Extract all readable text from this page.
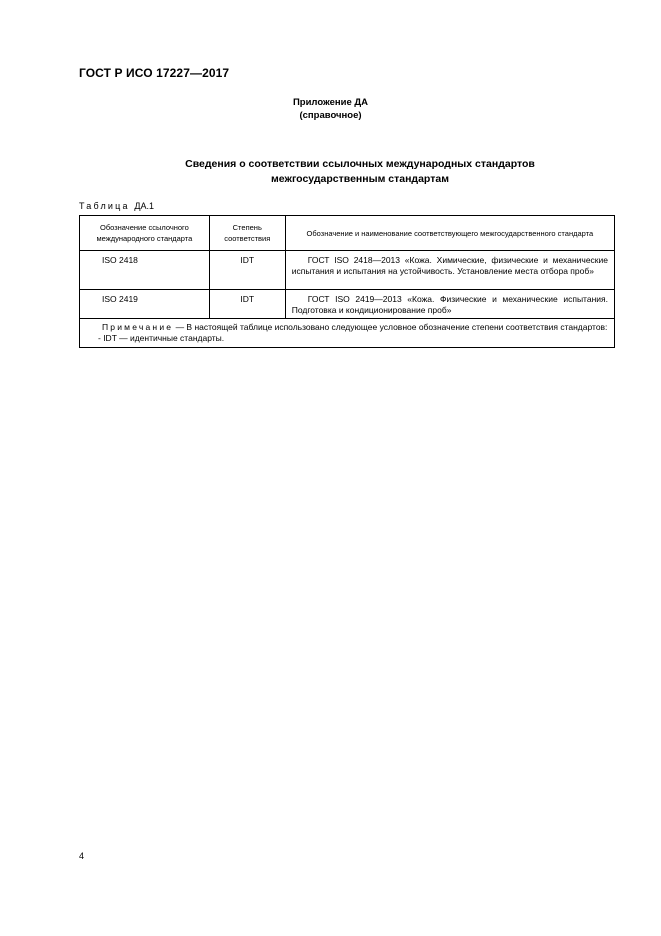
ГОСТ Р ИСО 17227—2017
Приложение ДА
(справочное)
Сведения о соответствии ссылочных международных стандартов
межгосударственным стандартам
Таблица ДА.1
Обозначение ссылочного международного стандарта	Степень соответствия	Обозначение и наименование соответствующего межгосударственного стандарта
ISO 2418	IDT	ГОСТ ISO 2418—2013 «Кожа. Химические, физические и механические испытания и испытания на устойчивость. Установление места отбора проб»
ISO 2419	IDT	ГОСТ ISO 2419—2013 «Кожа. Физические и механические испытания. Подготовка и кондиционирование проб»

Примечание — В настоящей таблице использовано следующее условное обозначение степени соответствия стандартов:
- IDT — идентичные стандарты.		
4
